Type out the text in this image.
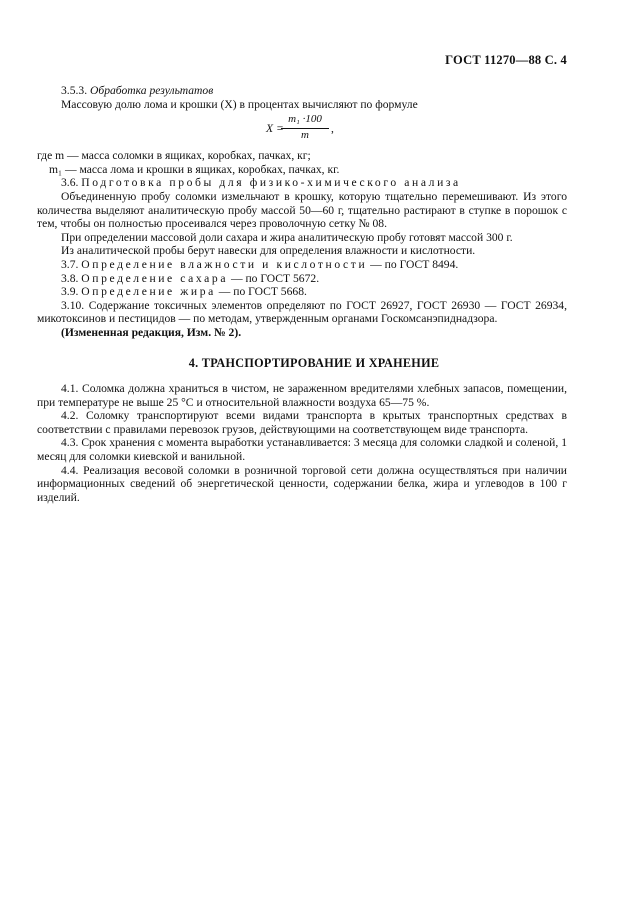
ГОСТ 11270—88 С. 4

3.5.3. Обработка результатов

Массовую долю лома и крошки (X) в процентах вычисляют по формуле

X =
$\frac{\text{m₁ ·100}}{m}$ ,

где m — масса соломки в ящиках, коробках, пачках, кг;

m₁ — масса лома и крошки в ящиках, коробках, пачках, кг.

3.6. Подготовка пробы для физико-химического анализа

Объединенную пробу соломки измельчают в крошку, которую тщательно перемешивают. Из этого количества выделяют аналитическую пробу массой 50—60 г, тщательно растирают в ступке в порошок с тем, чтобы он полностью просеивался через проволочную сетку № 08.

При определении массовой доли сахара и жира аналитическую пробу готовят массой 300 г.

Из аналитической пробы берут навески для определения влажности и кислотности.

3.7. Определение влажности и кислотности — по ГОСТ 8494.

3.8. Определение сахара — по ГОСТ 5672.

3.9. Определение жира — по ГОСТ 5668.

3.10. Содержание токсичных элементов определяют по ГОСТ 26927, ГОСТ 26930 — ГОСТ 26934, микотоксинов и пестицидов — по методам, утвержденным органами Госкомсанэпиднадзора.

(Измененная редакция, Изм. № 2).

4. ТРАНСПОРТИРОВАНИЕ И ХРАНЕНИЕ

4.1. Соломка должна храниться в чистом, не зараженном вредителями хлебных запасов, помещении, при температуре не выше 25 °С и относительной влажности воздуха 65—75 %.

4.2. Соломку транспортируют всеми видами транспорта в крытых транспортных средствах в соответствии с правилами перевозок грузов, действующими на соответствующем виде транспорта.

4.3. Срок хранения с момента выработки устанавливается: 3 месяца для соломки сладкой и соленой, 1 месяц для соломки киевской и ванильной.

4.4. Реализация весовой соломки в розничной торговой сети должна осуществляться при наличии информационных сведений об энергетической ценности, содержании белка, жира и углеводов в 100 г изделий.
